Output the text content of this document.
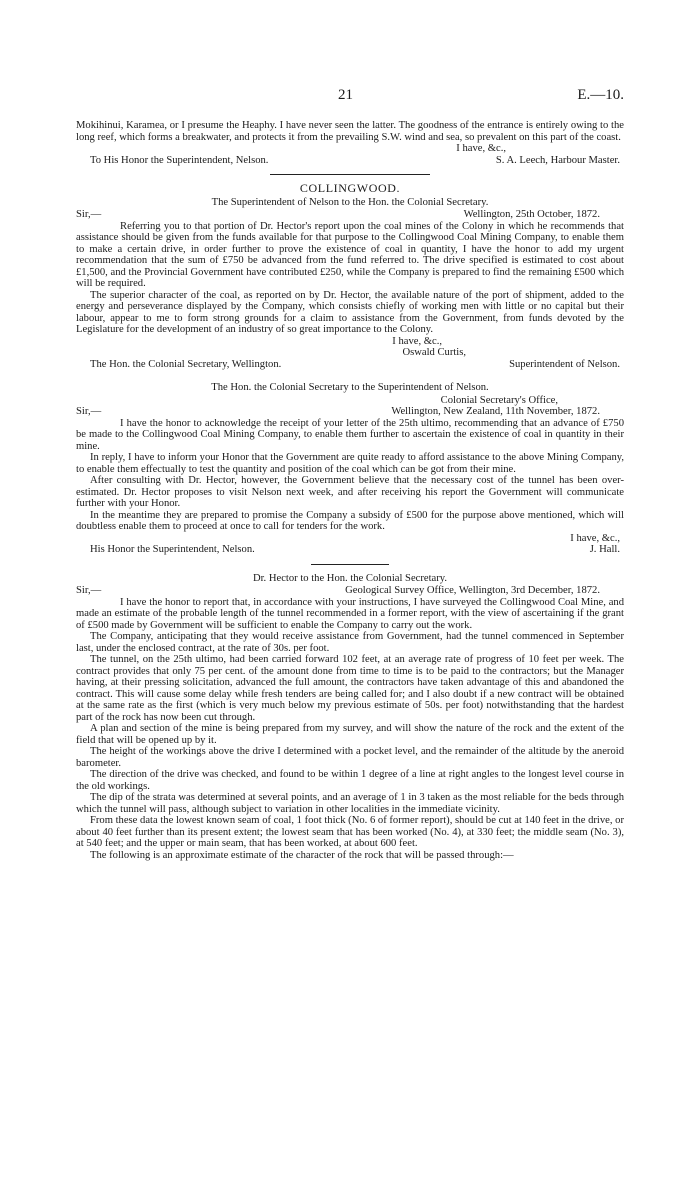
21	E.—10.

Mokihinui, Karamea, or I presume the Heaphy. I have never seen the latter. The goodness of the entrance is entirely owing to the long reef, which forms a breakwater, and protects it from the prevailing S.W. wind and sea, so prevalent on this part of the coast.

I have, &c.,
To His Honor the Superintendent, Nelson.	S. A. Leech, Harbour Master.
COLLINGWOOD.
The Superintendent of Nelson to the Hon. the Colonial Secretary.
Sir,—	Wellington, 25th October, 1872.

Referring you to that portion of Dr. Hector's report upon the coal mines of the Colony in which he recommends that assistance should be given from the funds available for that purpose to the Collingwood Coal Mining Company, to enable them to make a certain drive, in order further to prove the existence of coal in quantity, I have the honor to add my urgent recommendation that the sum of £750 be advanced from the fund referred to. The drive specified is estimated to cost about £1,500, and the Provincial Government have contributed £250, while the Company is prepared to find the remaining £500 which will be required.

The superior character of the coal, as reported on by Dr. Hector, the available nature of the port of shipment, added to the energy and perseverance displayed by the Company, which consists chiefly of working men with little or no capital but their labour, appear to me to form strong grounds for a claim to assistance from the Government, from funds devoted by the Legislature for the development of an industry of so great importance to the Colony.

I have, &c.,
Oswald Curtis,
The Hon. the Colonial Secretary, Wellington.	Superintendent of Nelson.
The Hon. the Colonial Secretary to the Superintendent of Nelson.
Colonial Secretary's Office,
Sir,—	Wellington, New Zealand, 11th November, 1872.

I have the honor to acknowledge the receipt of your letter of the 25th ultimo, recommending that an advance of £750 be made to the Collingwood Coal Mining Company, to enable them further to ascertain the existence of coal in quantity in their mine.

In reply, I have to inform your Honor that the Government are quite ready to afford assistance to the above Mining Company, to enable them effectually to test the quantity and position of the coal which can be got from their mine.

After consulting with Dr. Hector, however, the Government believe that the necessary cost of the tunnel has been over-estimated. Dr. Hector proposes to visit Nelson next week, and after receiving his report the Government will communicate further with your Honor.

In the meantime they are prepared to promise the Company a subsidy of £500 for the purpose above mentioned, which will doubtless enable them to proceed at once to call for tenders for the work.

I have, &c.,
His Honor the Superintendent, Nelson.	J. Hall.
Dr. Hector to the Hon. the Colonial Secretary.
Sir,—	Geological Survey Office, Wellington, 3rd December, 1872.

I have the honor to report that, in accordance with your instructions, I have surveyed the Collingwood Coal Mine, and made an estimate of the probable length of the tunnel recommended in a former report, with the view of ascertaining if the grant of £500 made by Government will be sufficient to enable the Company to carry out the work.

The Company, anticipating that they would receive assistance from Government, had the tunnel commenced in September last, under the enclosed contract, at the rate of 30s. per foot.

The tunnel, on the 25th ultimo, had been carried forward 102 feet, at an average rate of progress of 10 feet per week. The contract provides that only 75 per cent. of the amount done from time to time is to be paid to the contractors; but the Manager having, at their pressing solicitation, advanced the full amount, the contractors have taken advantage of this and abandoned the contract. This will cause some delay while fresh tenders are being called for; and I also doubt if a new contract will be obtained at the same rate as the first (which is very much below my previous estimate of 50s. per foot) notwithstanding that the hardest part of the rock has now been cut through.

A plan and section of the mine is being prepared from my survey, and will show the nature of the rock and the extent of the field that will be opened up by it.

The height of the workings above the drive I determined with a pocket level, and the remainder of the altitude by the aneroid barometer.

The direction of the drive was checked, and found to be within 1 degree of a line at right angles to the longest level course in the old workings.

The dip of the strata was determined at several points, and an average of 1 in 3 taken as the most reliable for the beds through which the tunnel will pass, although subject to variation in other localities in the immediate vicinity.

From these data the lowest known seam of coal, 1 foot thick (No. 6 of former report), should be cut at 140 feet in the drive, or about 40 feet further than its present extent; the lowest seam that has been worked (No. 4), at 330 feet; the middle seam (No. 3), at 540 feet; and the upper or main seam, that has been worked, at about 600 feet.

The following is an approximate estimate of the character of the rock that will be passed through:—
